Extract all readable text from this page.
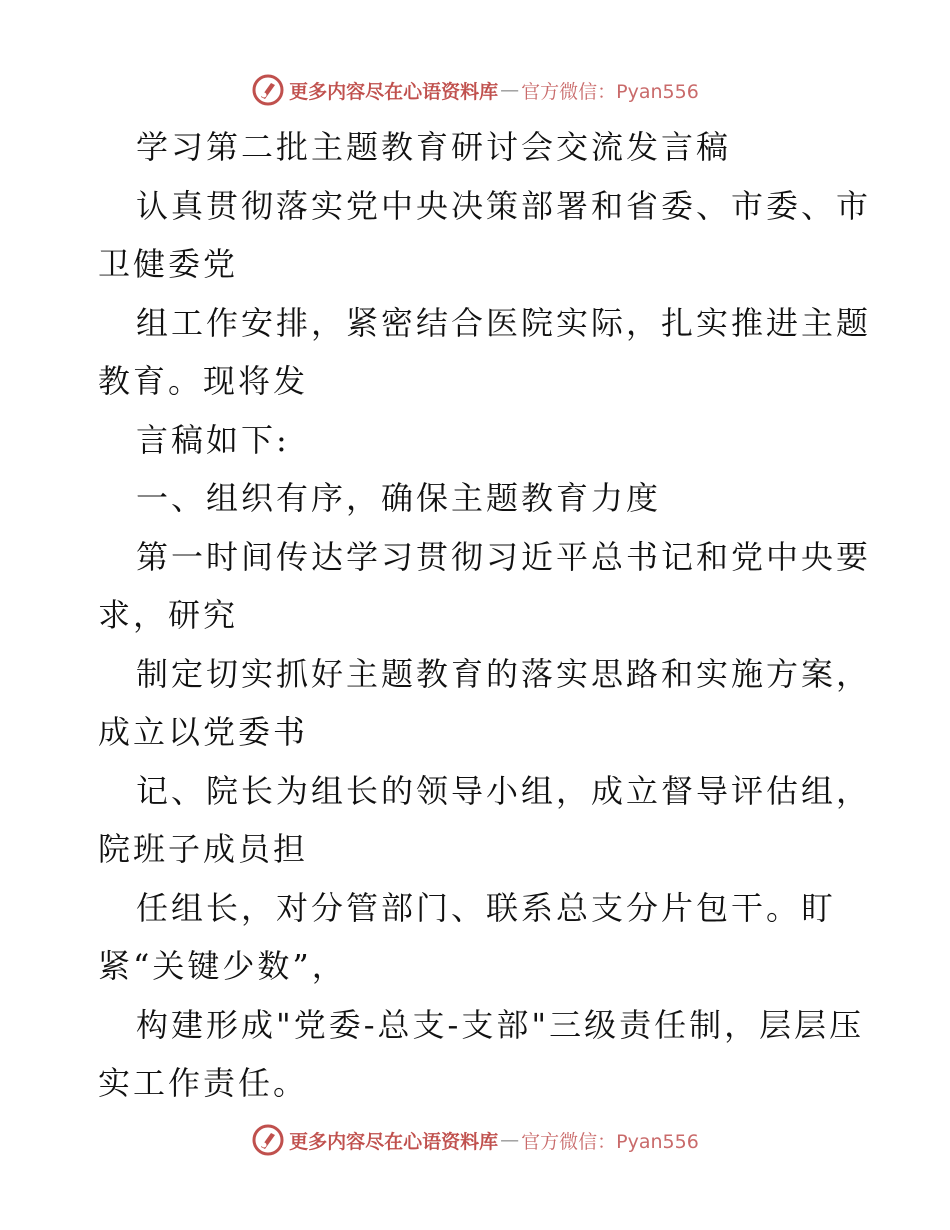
更多内容尽在心语资料库 — 官方微信：Pyan556

学习第二批主题教育研讨会交流发言稿

认真贯彻落实党中央决策部署和省委、市委、市
卫健委党

组工作安排，紧密结合医院实际，扎实推进主题
教育。现将发

言稿如下:

一、组织有序，确保主题教育力度

第一时间传达学习贯彻习近平总书记和党中央要
求，研究

制定切实抓好主题教育的落实思路和实施方案，
成立以党委书

记、院长为组长的领导小组，成立督导评估组，
院班子成员担

任组长，对分管部门、联系总支分片包干。盯
紧“关键少数”，

构建形成"党委-总支-支部"三级责任制，层层压
实工作责任。

更多内容尽在心语资料库 — 官方微信：Pyan556
